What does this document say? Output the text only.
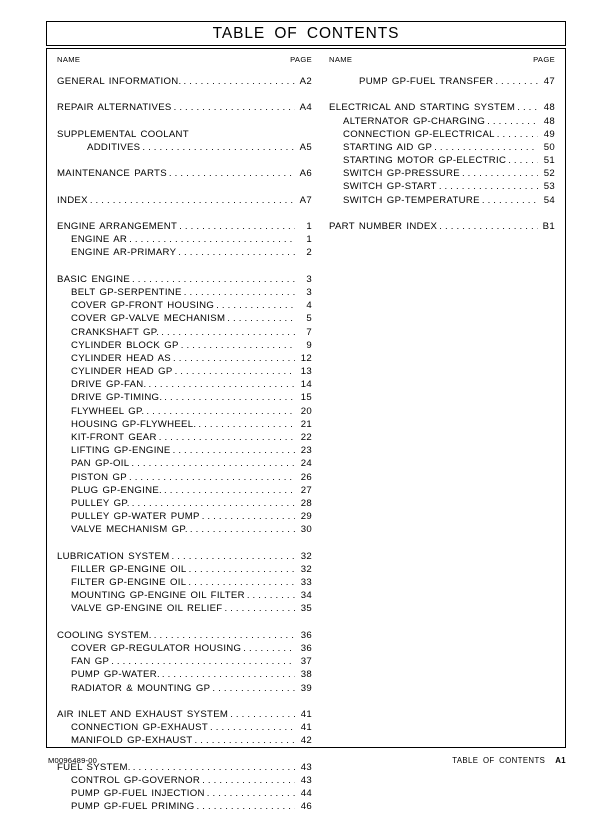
TABLE OF CONTENTS
NAME	PAGE
GENERAL INFORMATION. . . .	A2
REPAIR ALTERNATIVES . . .	A4
SUPPLEMENTAL COOLANT
ADDITIVES . . .	A5
MAINTENANCE PARTS . . .	A6
INDEX . . .	A7
ENGINE ARRANGEMENT . . .	1
ENGINE AR . . .	1
ENGINE AR-PRIMARY . . .	2
BASIC ENGINE . . .	3
BELT GP-SERPENTINE . . .	3
COVER GP-FRONT HOUSING . . .	4
COVER GP-VALVE MECHANISM . . .	5
CRANKSHAFT GP. . . .	7
CYLINDER BLOCK GP . . .	9
CYLINDER HEAD AS . . .	12
CYLINDER HEAD GP . . .	13
DRIVE GP-FAN. . . .	14
DRIVE GP-TIMING. . . .	15
FLYWHEEL GP. . . .	20
HOUSING GP-FLYWHEEL. . . .	21
KIT-FRONT GEAR . . .	22
LIFTING GP-ENGINE . . .	23
PAN GP-OIL . . .	24
PISTON GP . . .	26
PLUG GP-ENGINE. . . .	27
PULLEY GP. . . .	28
PULLEY GP-WATER PUMP . . .	29
VALVE MECHANISM GP. . . .	30
LUBRICATION SYSTEM . . .	32
FILLER GP-ENGINE OIL . . .	32
FILTER GP-ENGINE OIL . . .	33
MOUNTING GP-ENGINE OIL FILTER . . .	34
VALVE GP-ENGINE OIL RELIEF . . .	35
COOLING SYSTEM. . . .	36
COVER GP-REGULATOR HOUSING . . .	36
FAN GP . . .	37
PUMP GP-WATER. . . .	38
RADIATOR & MOUNTING GP . . .	39
AIR INLET AND EXHAUST SYSTEM . . .	41
CONNECTION GP-EXHAUST . . .	41
MANIFOLD GP-EXHAUST . . .	42
FUEL SYSTEM. . . .	43
CONTROL GP-GOVERNOR . . .	43
PUMP GP-FUEL INJECTION . . .	44
PUMP GP-FUEL PRIMING . . .	46
NAME	PAGE
PUMP GP-FUEL TRANSFER . . .	47
ELECTRICAL AND STARTING SYSTEM . . .	48
ALTERNATOR GP-CHARGING . . .	48
CONNECTION GP-ELECTRICAL . . .	49
STARTING AID GP . . .	50
STARTING MOTOR GP-ELECTRIC . . .	51
SWITCH GP-PRESSURE . . .	52
SWITCH GP-START . . .	53
SWITCH GP-TEMPERATURE . . .	54
PART NUMBER INDEX . . .	B1
M0096489-00	TABLE OF CONTENTS A1
